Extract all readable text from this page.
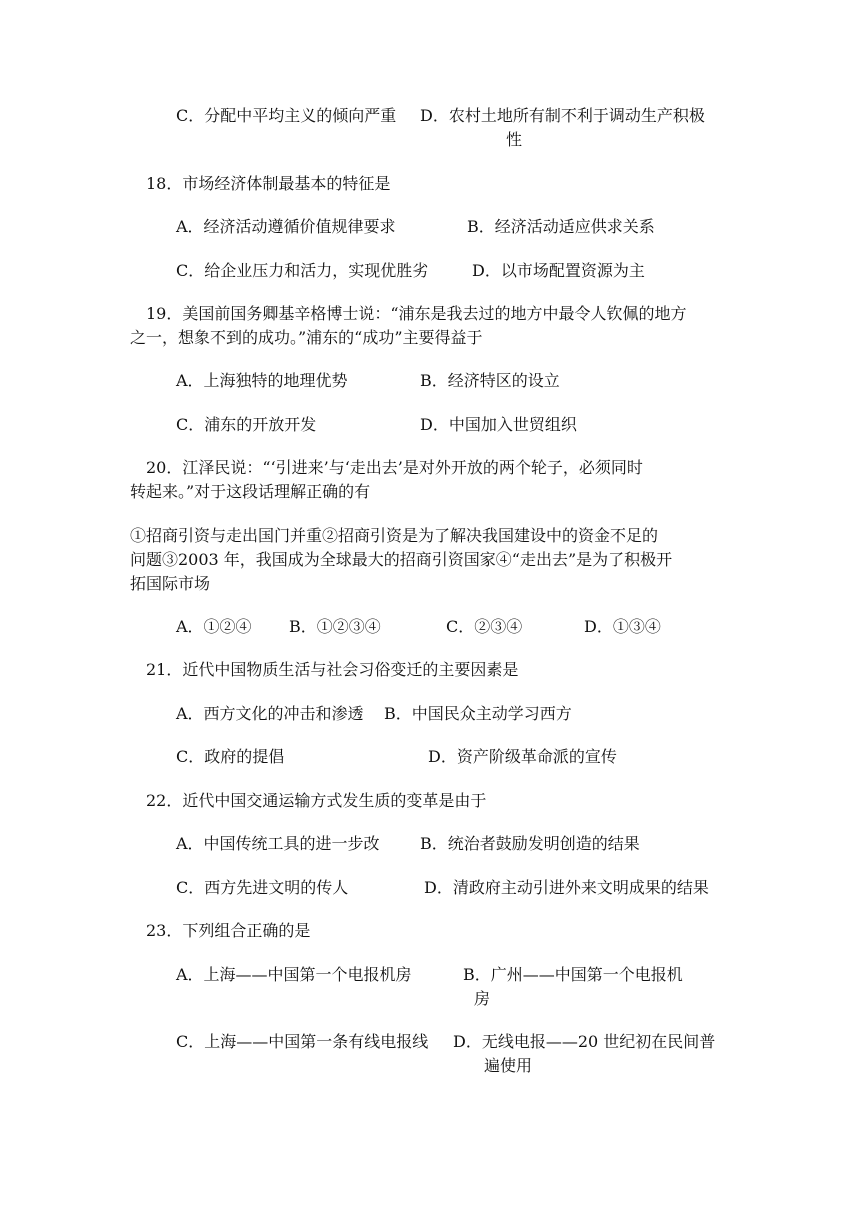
C．分配中平均主义的倾向严重 D．农村土地所有制不利于调动生产积极
性
18．市场经济体制最基本的特征是
A．经济活动遵循价值规律要求	B．经济活动适应供求关系
C．给企业压力和活力，实现优胜劣	D．以市场配置资源为主
19．美国前国务卿基辛格博士说：“浦东是我去过的地方中最令人钦佩的地方
之一，想象不到的成功。”浦东的“成功”主要得益于
A．上海独特的地理优势	B．经济特区的设立
C．浦东的开放开发	D．中国加入世贸组织
20．江泽民说：“‘引进来’与‘走出去’是对外开放的两个轮子，必须同时
转起来。”对于这段话理解正确的有
①招商引资与走出国门并重②招商引资是为了解决我国建设中的资金不足的
问题③2003 年，我国成为全球最大的招商引资国家④“走出去”是为了积极开
拓国际市场
A．①②④ B．①②③④	C．②③④	D．①③④
21．近代中国物质生活与社会习俗变迁的主要因素是
A．西方文化的冲击和渗透 B．中国民众主动学习西方
C．政府的提倡	D．资产阶级革命派的宣传
22．近代中国交通运输方式发生质的变革是由于
A．中国传统工具的进一步改	B．统治者鼓励发明创造的结果
C．西方先进文明的传人	D．清政府主动引进外来文明成果的结果
23．下列组合正确的是
A．上海——中国第一个电报机房	B．广州——中国第一个电报机
房
C．上海——中国第一条有线电报线 D．无线电报——20 世纪初在民间普
遍使用
